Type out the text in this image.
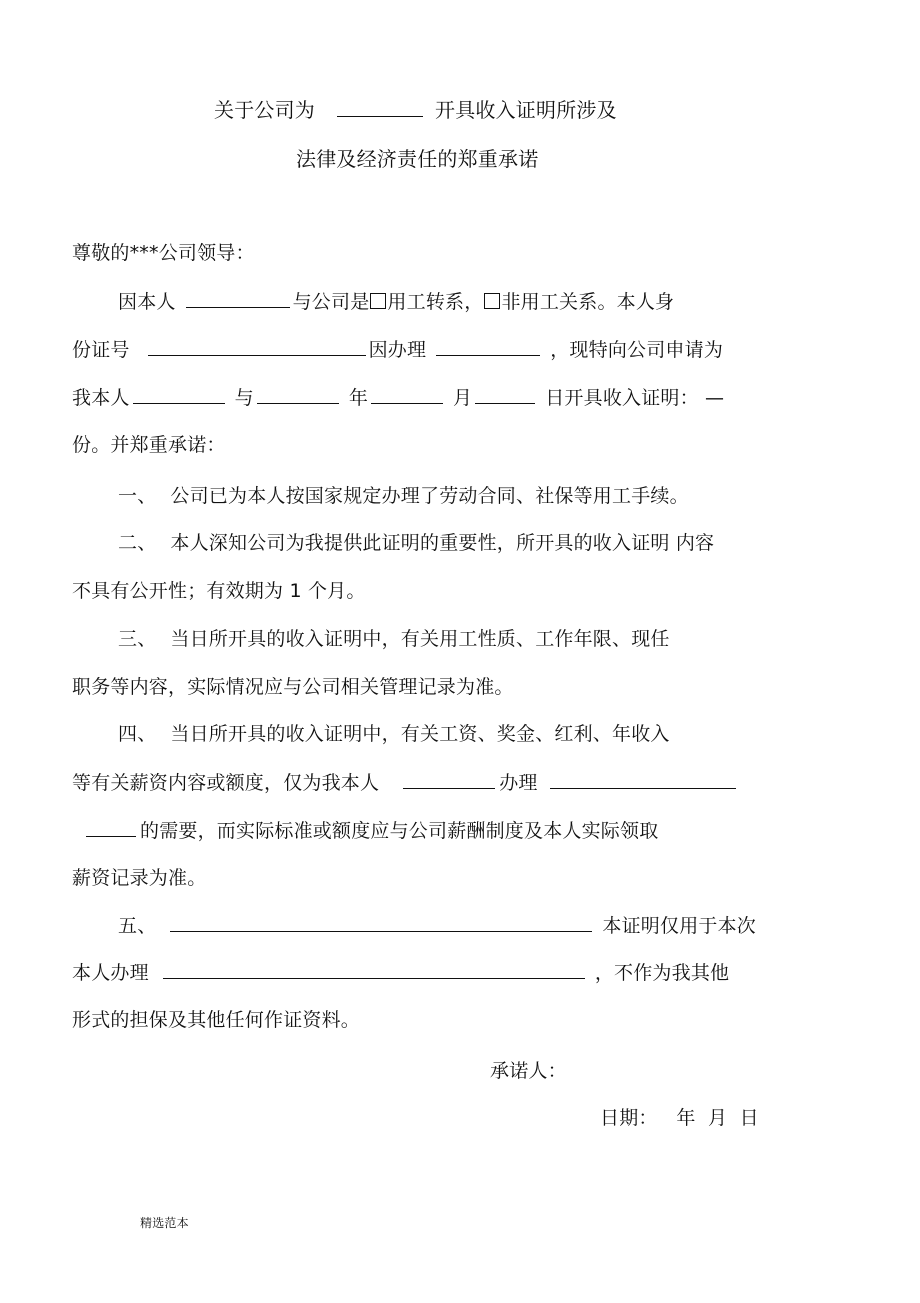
关于公司为	开具收入证明所涉及
法律及经济责任的郑重承诺
尊敬的***公司领导：
因本人	与公司是 用工转系， 非用工关系。本人身
份证号	因办理	，现特向公司申请为
我本人	与	年	月	日开具收入证明： —
份。并郑重承诺：
一、 公司已为本人按国家规定办理了劳动合同、社保等用工手续。
二、 本人深知公司为我提供此证明的重要性，所开具的收入证明 内容
不具有公开性；有效期为 1 个月。
三、 当日所开具的收入证明中，有关用工性质、工作年限、现任
职务等内容，实际情况应与公司相关管理记录为准。
四、 当日所开具的收入证明中，有关工资、奖金、红利、年收入
等有关薪资内容或额度，仅为我本人	办理
的需要，而实际标准或额度应与公司薪酬制度及本人实际领取
薪资记录为准。
五、	本证明仅用于本次
本人办理	，不作为我其他
形式的担保及其他任何作证资料。
承诺人：
日期：   年  月  日
精选范本
